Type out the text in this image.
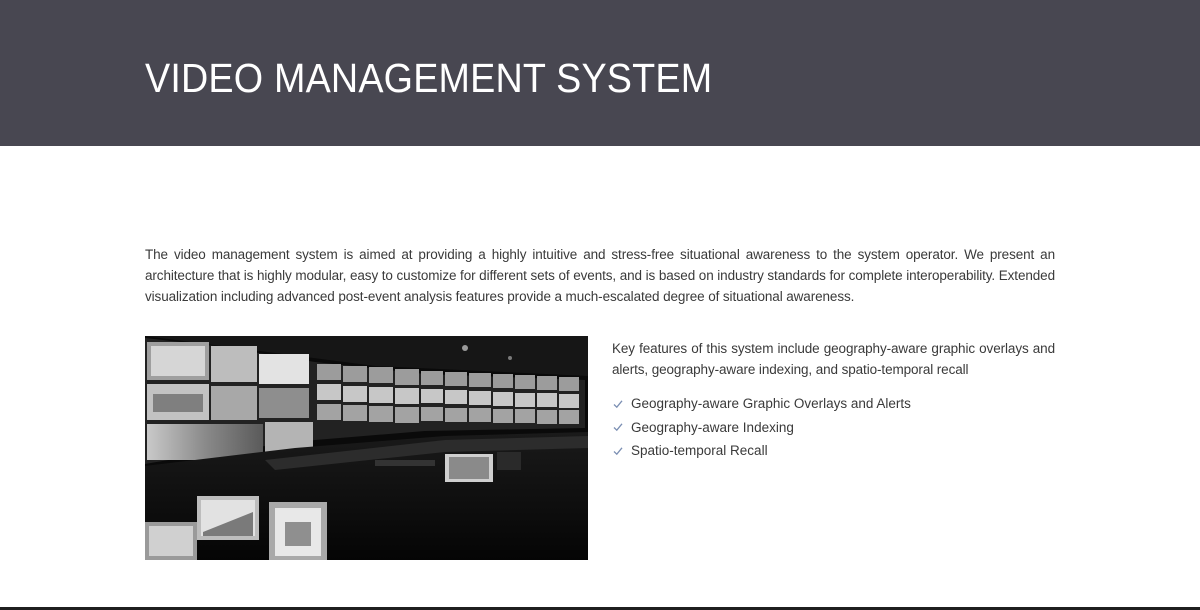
VIDEO MANAGEMENT SYSTEM

The video management system is aimed at providing a highly intuitive and stress-free situational awareness to the system operator. We present an architecture that is highly modular, easy to customize for different sets of events, and is based on industry standards for complete interoperability. Extended visualization including advanced post-event analysis features provide a much-escalated degree of situational awareness.

Key features of this system include geography-aware graphic overlays and alerts, geography-aware indexing, and spatio-temporal recall

Geography-aware Graphic Overlays and Alerts
Geography-aware Indexing
Spatio-temporal Recall
